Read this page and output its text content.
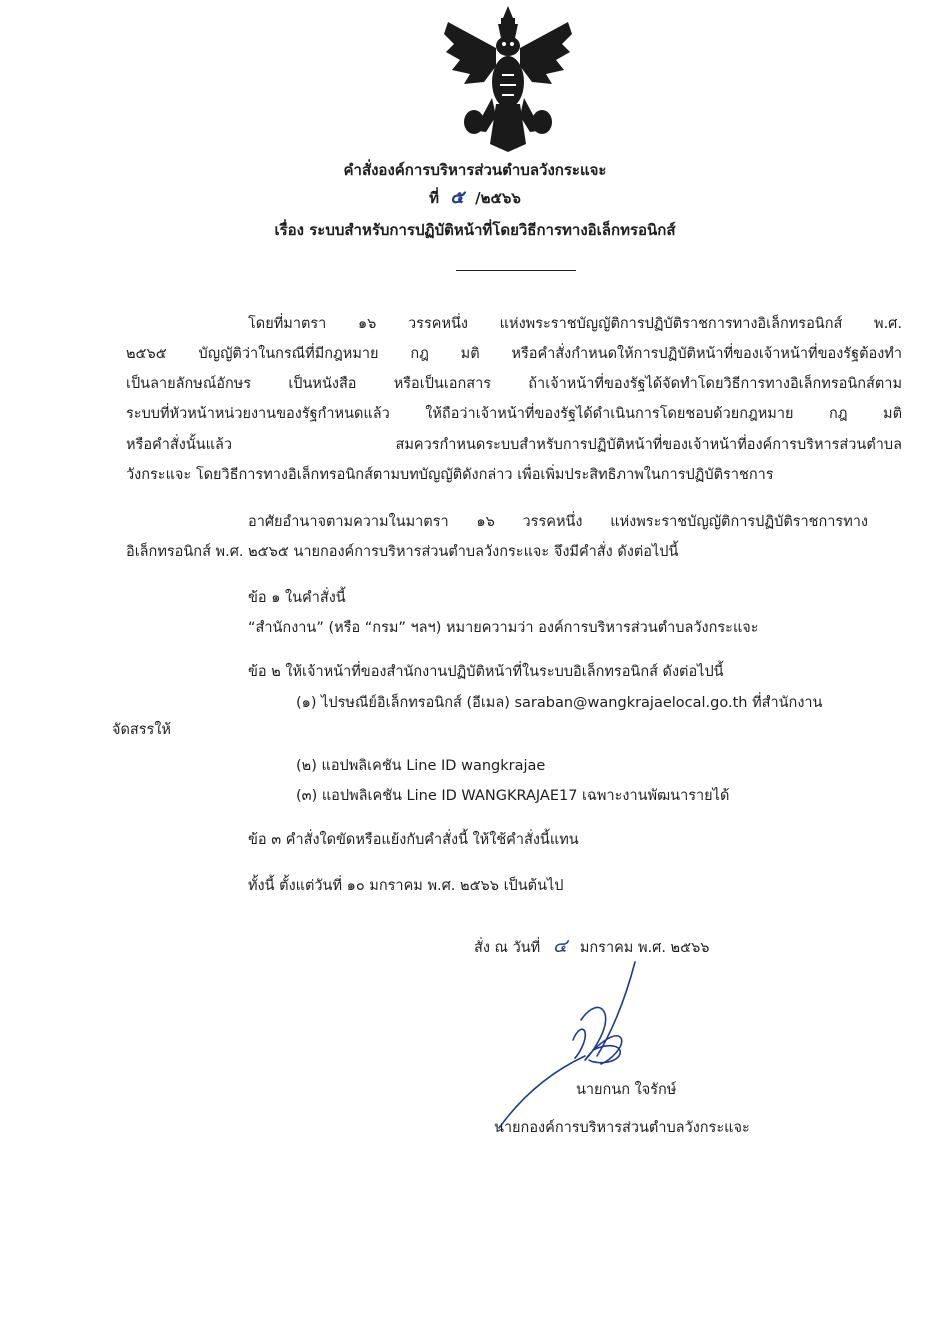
คำสั่งองค์การบริหารส่วนตำบลวังกระแจะ
ที่ ๕ /๒๕๖๖
เรื่อง ระบบสำหรับการปฏิบัติหน้าที่โดยวิธีการทางอิเล็กทรอนิกส์
โดยที่มาตรา ๑๖ วรรคหนึ่ง แห่งพระราชบัญญัติการปฏิบัติราชการทางอิเล็กทรอนิกส์ พ.ศ.
๒๕๖๕ บัญญัติว่าในกรณีที่มีกฎหมาย กฎ มติ หรือคำสั่งกำหนดให้การปฏิบัติหน้าที่ของเจ้าหน้าที่ของรัฐต้องทำ
เป็นลายลักษณ์อักษร เป็นหนังสือ หรือเป็นเอกสาร ถ้าเจ้าหน้าที่ของรัฐได้จัดทำโดยวิธีการทางอิเล็กทรอนิกส์ตาม
ระบบที่หัวหน้าหน่วยงานของรัฐกำหนดแล้ว ให้ถือว่าเจ้าหน้าที่ของรัฐได้ดำเนินการโดยชอบด้วยกฎหมาย กฎ มติ
หรือคำสั่งนั้นแล้ว สมควรกำหนดระบบสำหรับการปฏิบัติหน้าที่ของเจ้าหน้าที่องค์การบริหารส่วนตำบล
วังกระแจะ โดยวิธีการทางอิเล็กทรอนิกส์ตามบทบัญญัติดังกล่าว เพื่อเพิ่มประสิทธิภาพในการปฏิบัติราชการ
อาศัยอำนาจตามความในมาตรา ๑๖ วรรคหนึ่ง แห่งพระราชบัญญัติการปฏิบัติราชการทาง
อิเล็กทรอนิกส์ พ.ศ. ๒๕๖๕ นายกองค์การบริหารส่วนตำบลวังกระแจะ จึงมีคำสั่ง ดังต่อไปนี้
ข้อ ๑ ในคำสั่งนี้
“สำนักงาน” (หรือ “กรม” ฯลฯ) หมายความว่า องค์การบริหารส่วนตำบลวังกระแจะ
ข้อ ๒ ให้เจ้าหน้าที่ของสำนักงานปฏิบัติหน้าที่ในระบบอิเล็กทรอนิกส์ ดังต่อไปนี้
(๑) ไปรษณีย์อิเล็กทรอนิกส์ (อีเมล) saraban@wangkrajaelocal.go.th ที่สำนักงาน
จัดสรรให้
(๒) แอปพลิเคชัน Line ID wangkrajae
(๓) แอปพลิเคชัน Line ID WANGKRAJAE17 เฉพาะงานพัฒนารายได้
ข้อ ๓ คำสั่งใดขัดหรือแย้งกับคำสั่งนี้ ให้ใช้คำสั่งนี้แทน
ทั้งนี้ ตั้งแต่วันที่ ๑๐ มกราคม พ.ศ. ๒๕๖๖ เป็นต้นไป
สั่ง ณ วันที่ ๔ มกราคม พ.ศ. ๒๕๖๖
นายกนก ใจรักษ์
นายกองค์การบริหารส่วนตำบลวังกระแจะ
